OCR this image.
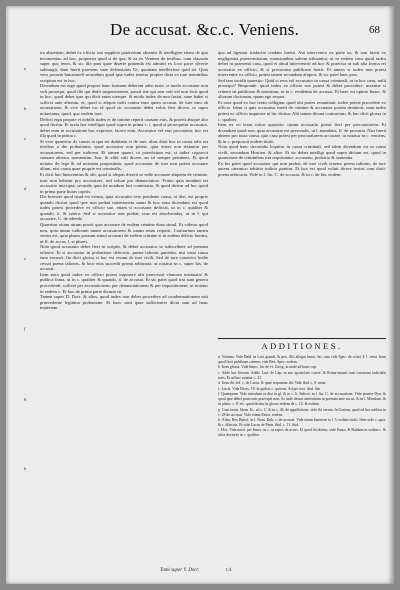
De accusat. &c.c. Veniens.	68
a
b
c
d
e
f
g
h

tra absentem, debet ex officio suo supplere praeterium absentis & intelligere etiam de quo incomentur, ad hoc, propterea quod si de qua, & ea ex Veniens de testibus. cum clausula super quo tenet, & sic illa pars quae diserte ponenda est admitti ex loco parte diverte subiungit, dum fuerit praesens suae defensionis Ut, quoniam intellexisse quid sit. Quia vero possent huiusmodi secundum quod ipse iudex tenetur propter dicta ex iure nominibus scriptum est in hoc.

Dicendum est ergo quod propter hanc formam deberent adeo iuste, si modo accusator non vult prosequi, quod ille qui dedit suspensionem, possit iste qui non vult vel non facit quod in hoc, quod debet ipse qui dicit enim uterque. Si modo iudex de uno faciat, sane habet si scilicet ante alterum, et, quod si aliquis nolit contra eum quem accusat, de iure eam ab accusatione, & sive debet ius id quod sic accusatio debet vobis fieri dicere, ut supra notavimus, quod, quo eodem iure.

Deficit ergo proprie et nobilis iudex et de ratione reperit causam eius, & poterit absque alio quod dicitur. Et iuxta hoc intelligas quod supra in prima c. i. quod si prosequitur accusator, debet eum in accusatione hoc expresse, facere eum. Accusator vel eius procurator, hoc est illa quod in prima c.

Si vero quaeritur de causis in qua est dubitatio et de iure, alius dixit hoc in causa talis est testibus a die probationis, quod accusator non potest, quia testes non testantur per accusatorem, sed per iudicem. Et tamen quaeri, ut praedictum est, si iudex cognovit causam alterius nominatim, Iust. & alibi vult dicere, an sit semper pertinens. Et quod notatur de lege & ad nostrum propositum, quod accusator de iure non potest accusare alium, nisi causa quae proprie est criminalis.

Et dicit hoc Innocentius & alii, quod si aliquis dixerit se velle accusare aliquem de crimine, tunc non habetur pro accusatore, sed solum pro denunciatore. Primo quia nondum est accusatio inscripta; secundo quia ita nondum fuit contestatio, & quod dicitur ad hoc quod in prima parte huius capitis.

Dic breviter quod istud est verum, quia accusatio vero pendente causa, ut dixi, est proprie quando dicitur quod ipse non probat intentionem suam & hoc casu dicendum est quod iudex potest procedere ex officio suo, etiam si accusator deficiat, ut in c. qualiter & quando, ii. & cetera. Sed si accusator non probat, reus est absolvendus, ut in l. qui accusare, C. de edendo.

Quaeritur etiam utrum possit quis accusare de eodem crimine duos simul. Et videtur quod non, quia unum iudicium unum accusatorem & unum reum requirit. Contrarium tamen verius est, quia plures possunt simul accusari de eodem crimine si in eodem delicto fuerint, ut ff. de accus. l. si plures.

Nota quod accusatio debet fieri in scriptis, & debet accusator se subscribere ad poenam talionis. Et si accusator in probatione defecerit, poena talionis punietur, nisi iusta causa eum excuset. Ita dicit glossa et hoc est verum de iure civili. Sed de iure canonico hodie cessat poena talionis, & loco eius succedit poena arbitraria, ut notatur in c. super his, de accusat.

Item nota quod iudex ex officio potest inquirere ubi praecessit clamosa insinuatio & publica fama, ut in c. qualiter & quando, ii. de accusat. Et sic patet quod tria sunt genera procedendi, scilicet per accusationem, per denunciationem & per inquisitionem, ut notatur in eodem c. Et hoc de prima parte dictum sit.

Tamen super D. Doct. & alios, quod iudex non debet procedere ad condemnationem nisi praecedente legitima probatione. Et haec sunt quae sufficienter dicta sunt ad hanc materiam.

qua ad ligentur traductre credam furent. Aut intervenire ex parte eo, & non fuerit ex negligentia praetermissum, mansionibus saltem tribuantur, ut in eodem casu quod iudex debet in praesenti casu, quod ei aliud intervenerit ad hoc & praecisa ut sub alia forma rei accusatio ex officio, & si procuratur publicum fuerit. Et tamen si iudex non potest intervenire ex officio, potest tamen secundum aliquos, & sic patet haec pars.

Sed iam incidit quaestio: Quid si reus vel accusator in causa criminali, ut in hoc casu, nolit prosequi? Responde: quod iudex ex officio suo potest & debet procedere, maxime si crimen sit publicum & notorium, ut in c. evidentia de accusat. Et haec est opinio Innoc. & aliorum doctorum, quam ego sequor.

Et nota quod ex hoc textu colligitur quod ubi partes renuntiant, iudex potest procedere ex officio. Idem si quis accusatus fuerit de crimine & accusator postea destiterit, nam iudex potest ex officio inquirere ut hic dicitur. Alii tamen dicunt contrarium, & hoc dicit glossa in c. qualiter.

Item ex eo textu oritur quaestio: utrum accusatio possit fieri per procuratorem. Et dicendum quod non, quia accusatio est personalis, ut l. mandatis, ff. de procurat. Nisi fuerit absens pro iusta causa, quo casu potest per procuratorem accusare, ut notatur in c. veniens, & in c. proposuit eodem titulo.

Nota quod haec decretalis loquitur in causa criminali, sed idem dicendum est in causa civili, secundum Hostien. & alios. Et sic debet intelligi quod supra dictum est, quod in quaestione de criminibus tria requiruntur: accusatio, probatio & sententia.

Ex his patet quod accusator qui non probat, de iure civili tenetur poena talionis, de iure autem canonico arbitrio iudicis punitur. Et hoc est quod voluit dicere textus cum dixit: poena arbitraria. Vide in l. fin. C. de accusat. & in c. de his, eodem.

ADDITIONES.

a Veniens. Vide Bald. in Lexi grandi, & peu. Alii allegat Innoc. hic cum vide Spec. de crimi. § 1. versi. Item quod licet publicum crimen, vide Rex. Spec. eodem.

b Item glossa. Vide Innoc. hic de vi. Giorg. in inale ad hunc cap.

c Adde hoc literam. Addit. Lud. de Cap. in suo apostolato carere. & Roma-narum cum caesarum iudicialis iuris. Et ad hoc notatur c. 25.

d Item dic vid. c. de Lucia. & quae sequuntur ibi. Vide ibid. c. 8. notat.

e Lucia. Vide Decis. 19. in quibus c. quirens. Ad per text. ibid. Sin.

f Quanquam. Vide interdum ut dixi in gl. & in c. li. Salicet. in l. fin. C. de accusatione. Vide praeter Dyn. & quod ipse debet praeconis praecepti non. Ac inde dicunt sententiam in poenam ante accus. & in l. Mundum. & in pleno. c. 8. etc. quod dicitur in glossa eodem de c. 12. & eodem.

g Cum iustis. Idem. Ec. ad c. C. & in c. 46. de appellatione. vide ibi verum. In Gratian. quod ad hoc additur in c. 28 de accusat. Vide etiam Panor. eodem.

h Alias. Rex Bartol. in l. Nam. Dub. c. de accusat. Vide etiam Iasonem in l. 3. eodem titulo. Item vide c. quia. & c. dilectus. Et vide Lucas de Penn. ibid. c. 11. ibid.

i Hoc. Vide notat. per Innoc. in c. ut super, de accus. Et quod ibi dicitur, vide Panor. & Baldum in eodem c. & alios doctores in c. qualiter.

Tomi super V. Decr.	t 4
